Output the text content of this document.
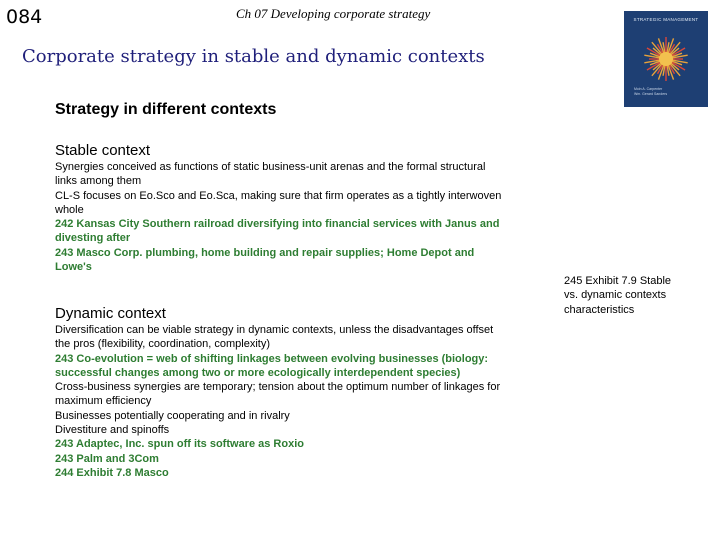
084	Ch 07 Developing corporate strategy
Corporate strategy in stable and dynamic contexts
STRATEGIC MANAGEMENT
Moin A. Carpenter
Wm. Gerard Sanders
Strategy in different contexts
Stable context
Synergies conceived as functions of static business-unit arenas and the formal structural
links among them
CL-S focuses on Eo.Sco and Eo.Sca, making sure that firm operates as a tightly interwoven
whole
242 Kansas City Southern railroad diversifying into financial services with Janus and
divesting after
243 Masco Corp. plumbing, home building and repair supplies; Home Depot and
Lowe's
Dynamic context
Diversification can be viable strategy in dynamic contexts, unless the disadvantages offset
the pros (flexibility, coordination, complexity)
243 Co-evolution = web of shifting linkages between evolving businesses (biology:
successful changes among two or more ecologically interdependent species)
Cross-business synergies are temporary; tension about the optimum number of linkages for
maximum efficiency
Businesses potentially cooperating and in rivalry
Divestiture and spinoffs
243 Adaptec, Inc. spun off its software as Roxio
243 Palm and 3Com
244 Exhibit 7.8 Masco
245 Exhibit 7.9 Stable
vs. dynamic contexts
characteristics
